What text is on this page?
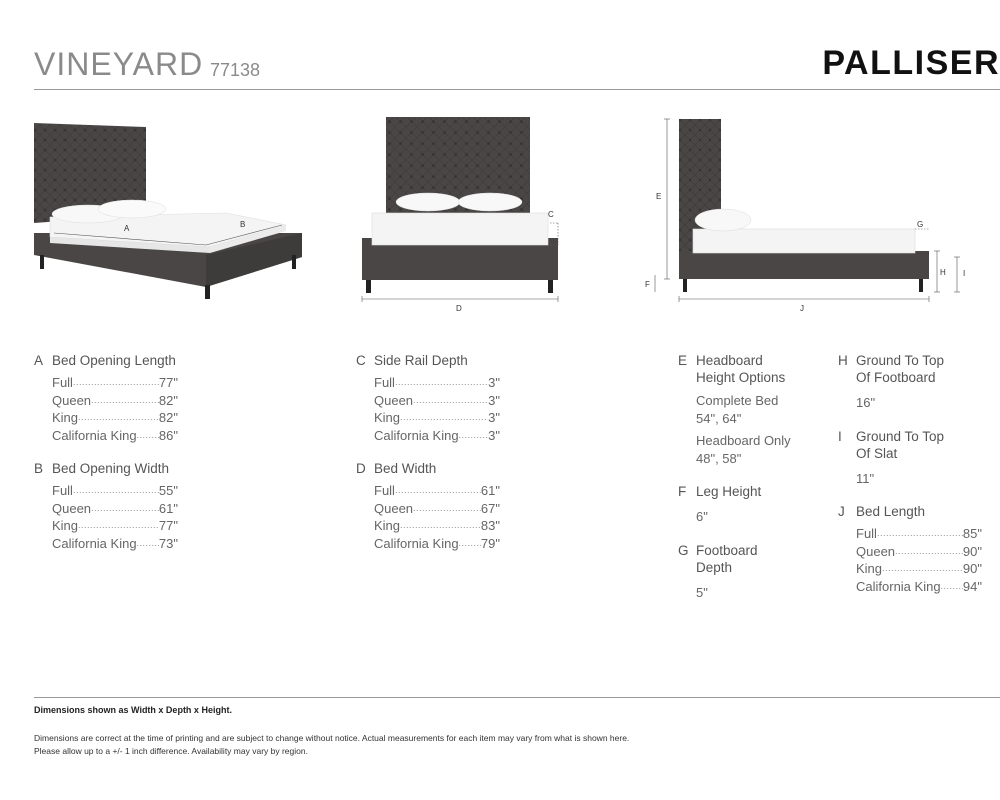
VINEYARD 77138	PALLISER
A	B
C
D
E
F
G
H I
J
A Bed Opening Length
Full .....	77"
Queen .....	82"
King .....	82"
California King ..... 86"
B Bed Opening Width
Full .....	55"
Queen .....	61"
King .....	77"
California King ..... 73"
C Side Rail Depth
Full .....	3"
Queen .....	3"
King .....	3"
California King ..... 3"
D Bed Width
Full .....	61"
Queen .....	67"
King .....	83"
California King ..... 79"
E Headboard
Height Options
Complete Bed
54", 64"
Headboard Only
48", 58"
F Leg Height
6"
G Footboard
Depth
5"
H Ground To Top
Of Footboard
16"
I	Ground To Top
Of Slat
11"
J Bed Length
Full .....	85"
Queen .....	90"
King .....	90"
California King ..... 94"
Dimensions shown as Width x Depth x Height.
Dimensions are correct at the time of printing and are subject to change without notice. Actual measurements for each item may vary from what is shown here.
Please allow up to a +/- 1 inch difference. Availability may vary by region.
